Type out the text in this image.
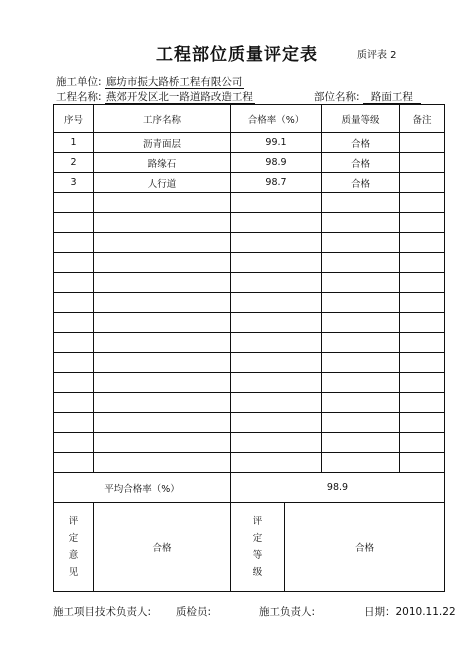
工程部位质量评定表	质评表 2
施工单位: 廊坊市振大路桥工程有限公司
工程名称: 燕郊开发区北一路道路改造工程	部位名称: 路面工程
序号	工序名称	合格率（%）	质量等级	备注
1	沥青面层	99.1	合格	
2	路缘石	98.9	合格	
3	人行道	98.7	合格	

平均合格率（%）	98.9
评定意见	合格	
评定等级	合格
施工项目技术负责人: 质检员:	施工负责人:	日期：2010.11.22
